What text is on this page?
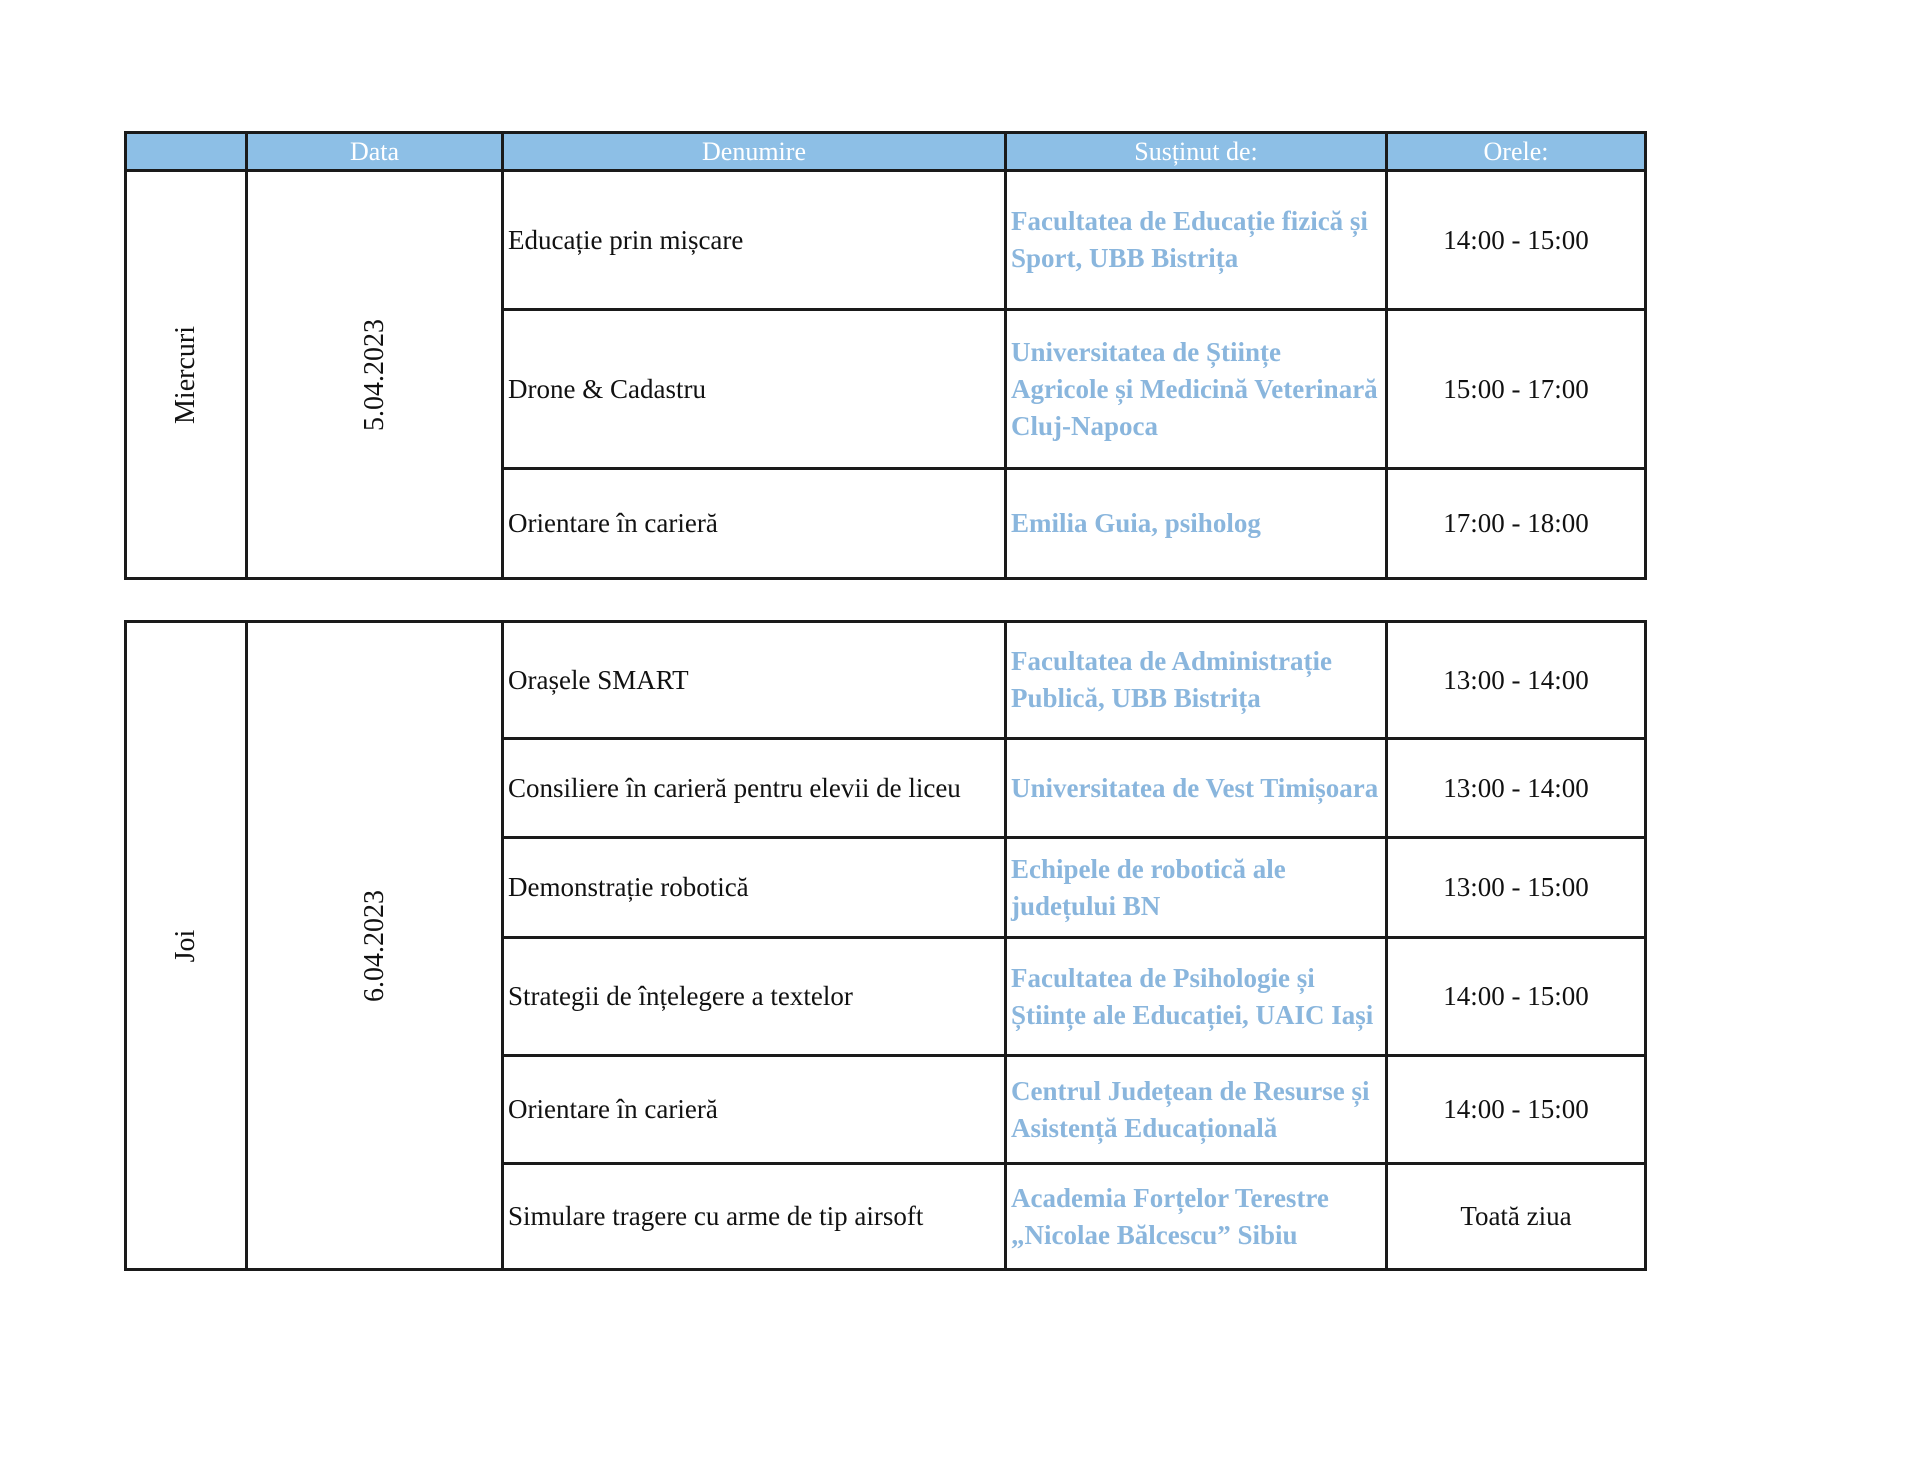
	Data	Denumire	Susținut de:	Orele:

Miercuri	5.04.2023	Educație prin mișcare	Facultatea de Educație fizică și Sport, UBB Bistrița	14:00 - 15:00
		Drone & Cadastru	Universitatea de Științe Agricole și Medicină Veterinară Cluj-Napoca	15:00 - 17:00
		Orientare în carieră	Emilia Guia, psiholog	17:00 - 18:00
Joi	6.04.2023	Orașele SMART	Facultatea de Administrație Publică, UBB Bistrița	13:00 - 14:00
		Consiliere în carieră pentru elevii de liceu	Universitatea de Vest Timișoara	13:00 - 14:00
		Demonstrație robotică	Echipele de robotică ale județului BN	13:00 - 15:00
		Strategii de înțelegere a textelor	Facultatea de Psihologie și Științe ale Educației, UAIC Iași	14:00 - 15:00
		Orientare în carieră	Centrul Județean de Resurse și Asistență Educațională	14:00 - 15:00
		Simulare tragere cu arme de tip airsoft	Academia Forțelor Terestre „Nicolae Bălcescu” Sibiu	Toată ziua
